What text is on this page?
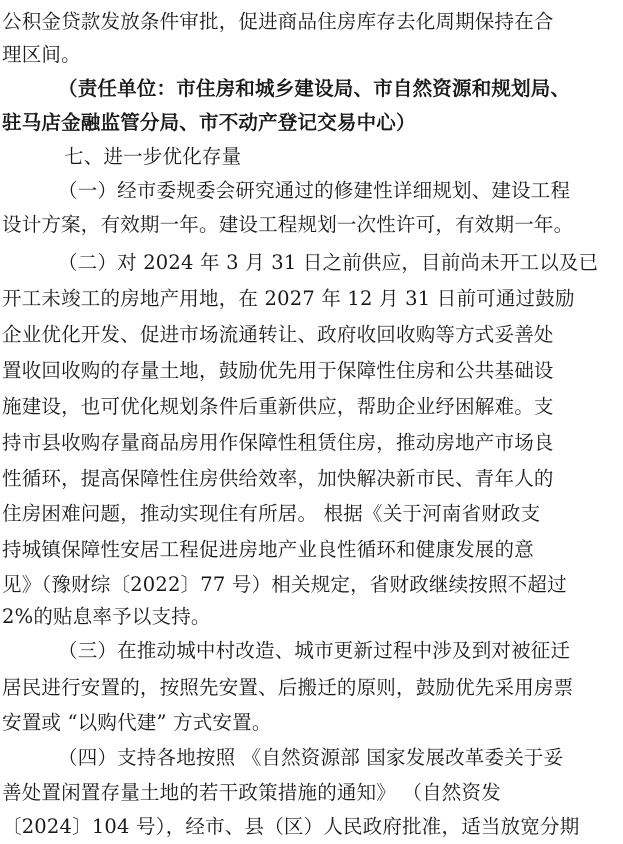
公积金贷款发放条件审批，促进商品住房库存去化周期保持在合
理区间。
（责任单位：市住房和城乡建设局、市自然资源和规划局、
驻马店金融监管分局、市不动产登记交易中心）
七、进一步优化存量
（一）经市委规委会研究通过的修建性详细规划、建设工程
设计方案，有效期一年。建设工程规划一次性许可，有效期一年。
（二）对 2024 年 3 月 31 日之前供应，目前尚未开工以及已
开工未竣工的房地产用地，在 2027 年 12 月 31 日前可通过鼓励
企业优化开发、促进市场流通转让、政府收回收购等方式妥善处
置收回收购的存量土地，鼓励优先用于保障性住房和公共基础设
施建设，也可优化规划条件后重新供应，帮助企业纾困解难。支
持市县收购存量商品房用作保障性租赁住房，推动房地产市场良
性循环，提高保障性住房供给效率，加快解决新市民、青年人的
住房困难问题，推动实现住有所居。 根据《关于河南省财政支
持城镇保障性安居工程促进房地产业良性循环和健康发展的意
见》（豫财综〔2022〕77 号）相关规定，省财政继续按照不超过
2%的贴息率予以支持。
（三）在推动城中村改造、城市更新过程中涉及到对被征迁
居民进行安置的，按照先安置、后搬迁的原则，鼓励优先采用房票
安置或 “以购代建” 方式安置。
（四）支持各地按照 《自然资源部 国家发展改革委关于妥
善处置闲置存量土地的若干政策措施的通知》 （自然资发
〔2024〕104 号），经市、县（区）人民政府批准，适当放宽分期
